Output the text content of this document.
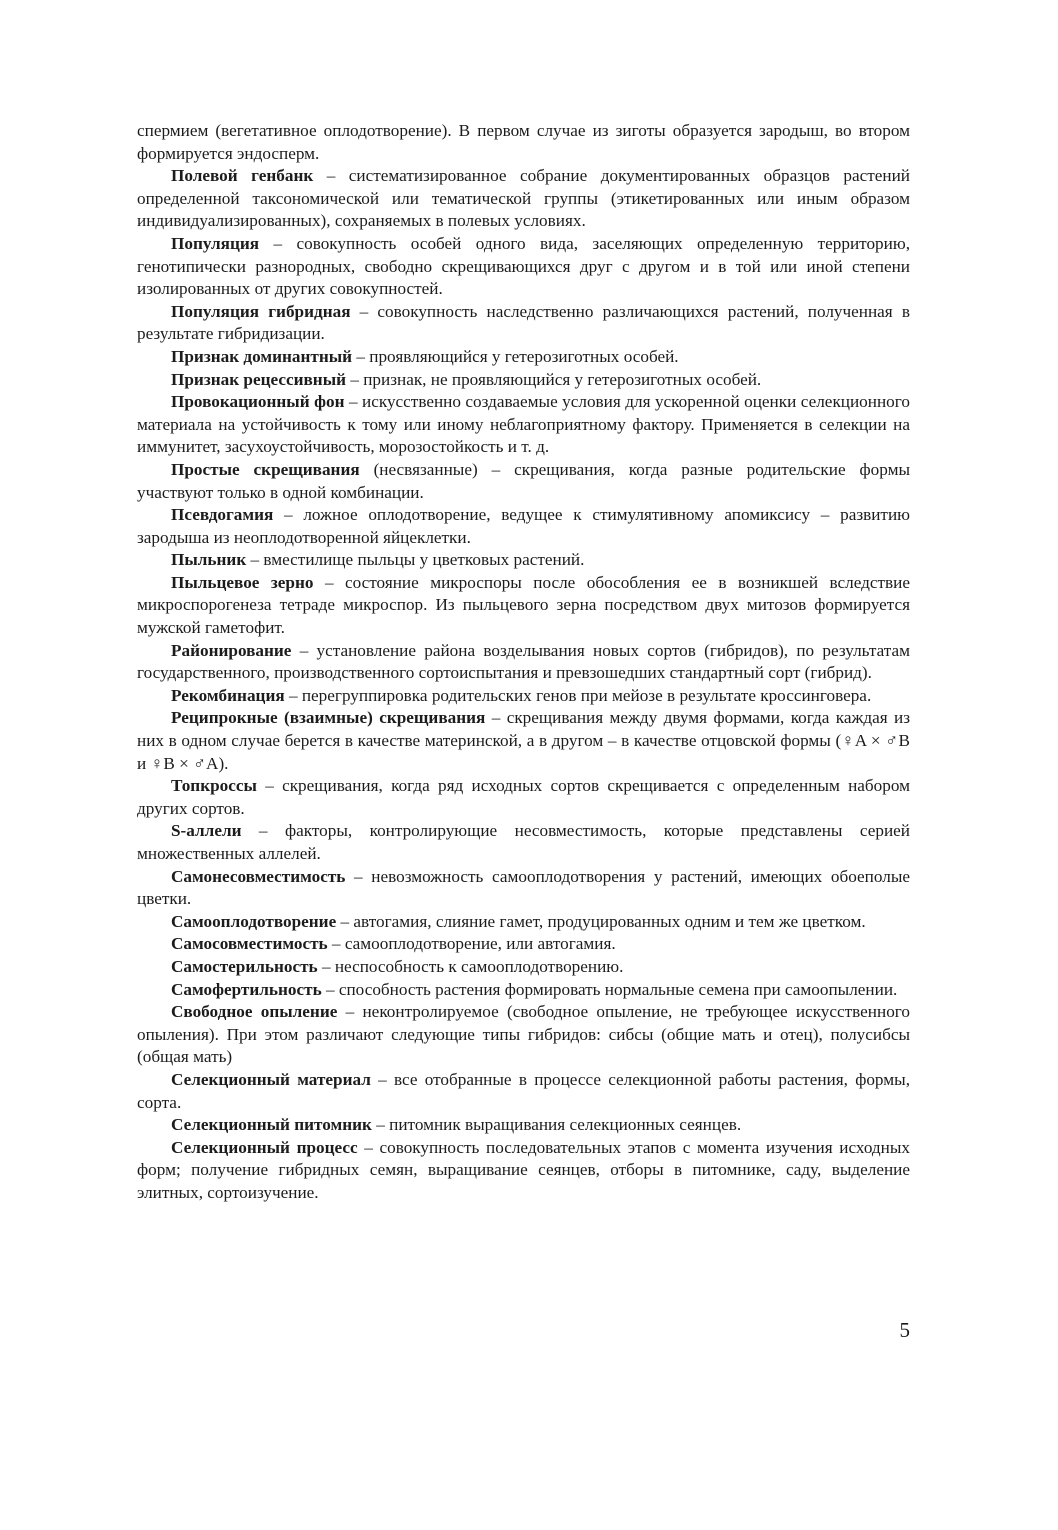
спермием (вегетативное оплодотворение). В первом случае из зиготы образуется зародыш, во втором формируется эндосперм.

Полевой генбанк – систематизированное собрание документированных образцов растений определенной таксономической или тематической группы (этикетированных или иным образом индивидуализированных), сохраняемых в полевых условиях.

Популяция – совокупность особей одного вида, заселяющих определенную территорию, генотипически разнородных, свободно скрещивающихся друг с другом и в той или иной степени изолированных от других совокупностей.

Популяция гибридная – совокупность наследственно различающихся растений, полученная в результате гибридизации.

Признак доминантный – проявляющийся у гетерозиготных особей.

Признак рецессивный – признак, не проявляющийся у гетерозиготных особей.

Провокационный фон – искусственно создаваемые условия для ускоренной оценки селекционного материала на устойчивость к тому или иному неблагоприятному фактору. Применяется в селекции на иммунитет, засухоустойчивость, морозостойкость и т. д.

Простые скрещивания (несвязанные) – скрещивания, когда разные родительские формы участвуют только в одной комбинации.

Псевдогамия – ложное оплодотворение, ведущее к стимулятивному апомиксису – развитию зародыша из неоплодотворенной яйцеклетки.

Пыльник – вместилище пыльцы у цветковых растений.

Пыльцевое зерно – состояние микроспоры после обособления ее в возникшей вследствие микроспорогенеза тетраде микроспор. Из пыльцевого зерна посредством двух митозов формируется мужской гаметофит.

Районирование – установление района возделывания новых сортов (гибридов), по результатам государственного, производственного сортоиспытания и превзошедших стандартный сорт (гибрид).

Рекомбинация – перегруппировка родительских генов при мейозе в результате кроссинговера.

Реципрокные (взаимные) скрещивания – скрещивания между двумя формами, когда каждая из них в одном случае берется в качестве материнской, а в другом – в качестве отцовской формы (♀A × ♂B и ♀B × ♂A).

Топкроссы – скрещивания, когда ряд исходных сортов скрещивается с определенным набором других сортов.

S-аллели – факторы, контролирующие несовместимость, которые представлены серией множественных аллелей.

Самонесовместимость – невозможность самооплодотворения у растений, имеющих обоеполые цветки.

Самооплодотворение – автогамия, слияние гамет, продуцированных одним и тем же цветком.

Самосовместимость – самооплодотворение, или автогамия.

Самостерильность – неспособность к самооплодотворению.

Самофертильность – способность растения формировать нормальные семена при самоопылении.

Свободное опыление – неконтролируемое (свободное опыление, не требующее искусственного опыления). При этом различают следующие типы гибридов: сибсы (общие мать и отец), полусибсы (общая мать)

Селекционный материал – все отобранные в процессе селекционной работы растения, формы, сорта.

Селекционный питомник – питомник выращивания селекционных сеянцев.

Селекционный процесс – совокупность последовательных этапов с момента изучения исходных форм; получение гибридных семян, выращивание сеянцев, отборы в питомнике, саду, выделение элитных, сортоизучение.

5
